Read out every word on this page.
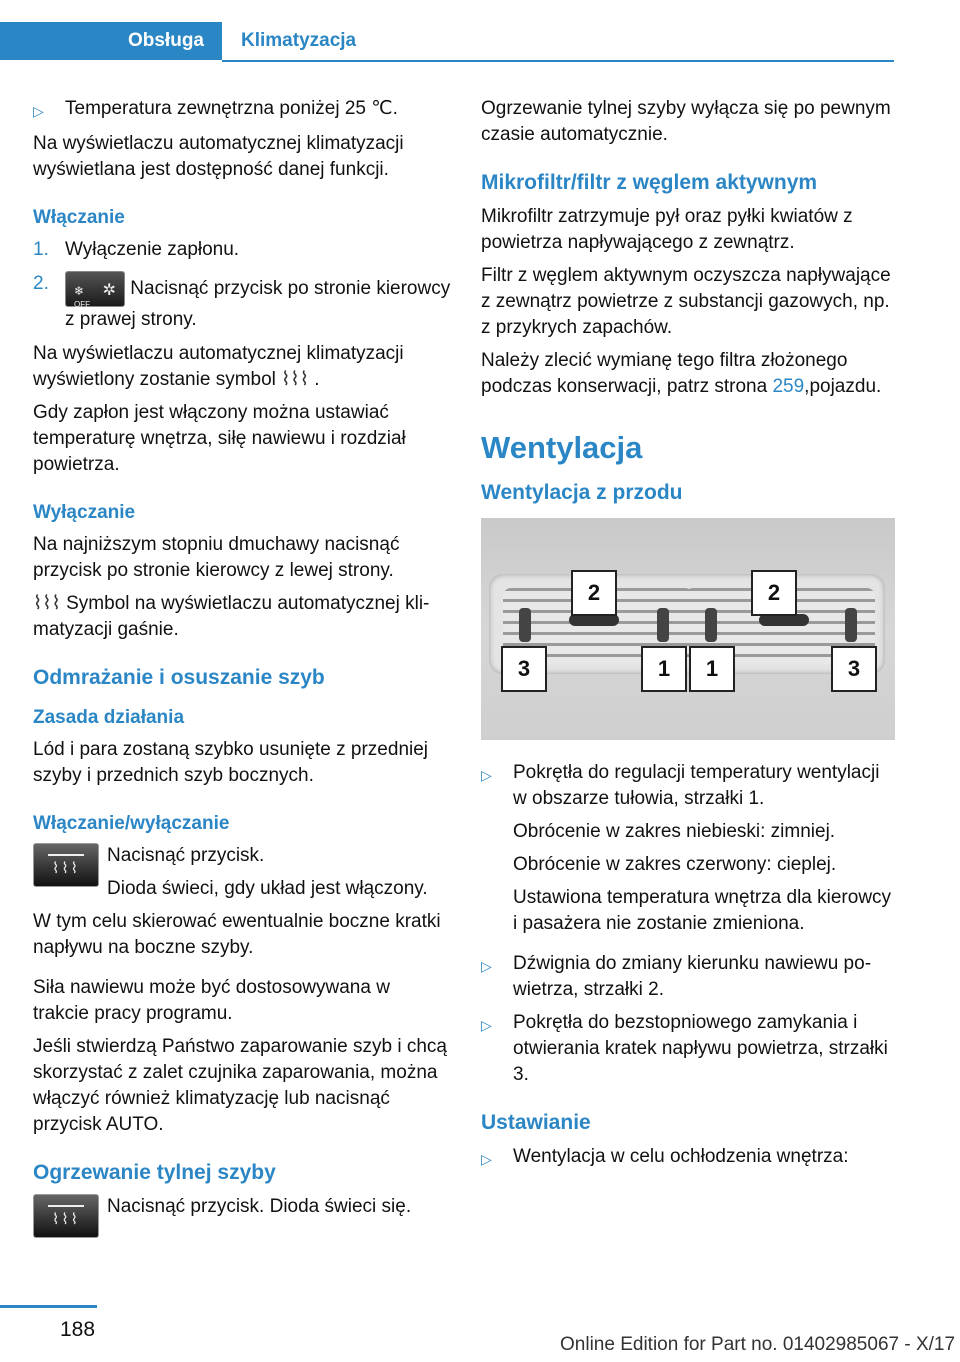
Obsługa	Klimatyzacja
▷	Temperatura zewnętrzna poniżej 25 ℃.

Na wyświetlaczu automatycznej klimatyzacji wyświetlana jest dostępność danej funkcji.

Włączanie
1. Wyłączenie zapłonu.
2.	❄ ✲
OFF
Nacisnąć przycisk po stronie kierowcy z prawej strony.

Na wyświetlaczu automatycznej klimatyzacji wyświetlony zostanie symbol ⌇⌇⌇ .

Gdy zapłon jest włączony można ustawiać temperaturę wnętrza, siłę nawiewu i rozdział powietrza.

Wyłączanie

Na najniższym stopniu dmuchawy nacisnąć przycisk po stronie kierowcy z lewej strony.

⌇⌇⌇ Symbol na wyświetlaczu automatycznej klimatyzacji gaśnie.

Odmrażanie i osuszanie szyb
Zasada działania

Lód i para zostaną szybko usunięte z przedniej szyby i przednich szyb bocznych.

Włączanie/wyłączanie
⌇⌇⌇

Nacisnąć przycisk.

Dioda świeci, gdy układ jest włączony.

W tym celu skierować ewentualnie boczne kratki napływu na boczne szyby.

Siła nawiewu może być dostosowywana w trakcie pracy programu.

Jeśli stwierdzą Państwo zaparowanie szyb i chcą skorzystać z zalet czujnika zaparowania, można włączyć również klimatyzację lub nacisnąć przycisk AUTO.

Ogrzewanie tylnej szyby
⌇⌇⌇

Nacisnąć przycisk. Dioda świeci się.

Ogrzewanie tylnej szyby wyłącza się po pewnym czasie automatycznie.

Mikrofiltr/filtr z węglem aktywnym

Mikrofiltr zatrzymuje pył oraz pyłki kwiatów z powietrza napływającego z zewnątrz.

Filtr z węglem aktywnym oczyszcza napływające z zewnątrz powietrze z substancji gazowych, np. z przykrych zapachów.

Należy zlecić wymianę tego filtra złożonego podczas konserwacji, patrz strona 259,pojazdu.

Wentylacja
Wentylacja z przodu
2	2
3	1	1	3
▷	Pokrętła do regulacji temperatury wentylacji w obszarze tułowia, strzałki 1.

Obrócenie w zakres niebieski: zimniej.

Obrócenie w zakres czerwony: cieplej.

Ustawiona temperatura wnętrza dla kierowcy i pasażera nie zostanie zmieniona.

▷	Dźwignia do zmiany kierunku nawiewu powietrza, strzałki 2.
▷	Pokrętła do bezstopniowego zamykania i otwierania kratek napływu powietrza, strzałki 3.
Ustawianie
▷	Wentylacja w celu ochłodzenia wnętrza:
188
Online Edition for Part no. 01402985067 - X/17
